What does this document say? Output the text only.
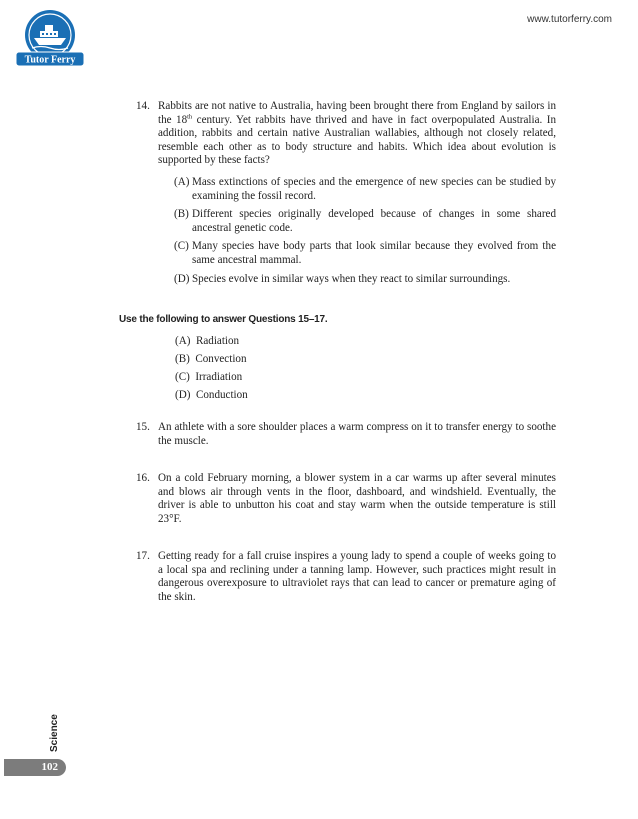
Tutor Ferry
www.tutorferry.com
14. Rabbits are not native to Australia, having been brought there from England by sailors in the 18th century. Yet rabbits have thrived and have in fact overpopulated Australia. In addition, rabbits and certain native Australian wallabies, although not closely related, resemble each other as to body structure and habits. Which idea about evolution is supported by these facts?
(A) Mass extinctions of species and the emergence of new species can be studied by examining the fossil record.
(B) Different species originally developed because of changes in some shared ancestral genetic code.
(C) Many species have body parts that look similar because they evolved from the same ancestral mammal.
(D) Species evolve in similar ways when they react to similar surroundings.
Use the following to answer Questions 15–17.
(A) Radiation
(B) Convection
(C) Irradiation
(D) Conduction
15. An athlete with a sore shoulder places a warm compress on it to transfer energy to soothe the muscle.
16. On a cold February morning, a blower system in a car warms up after several minutes and blows air through vents in the floor, dashboard, and windshield. Eventually, the driver is able to unbutton his coat and stay warm when the outside temperature is still 23°F.
17. Getting ready for a fall cruise inspires a young lady to spend a couple of weeks going to a local spa and reclining under a tanning lamp. However, such practices might result in dangerous overexposure to ultraviolet rays that can lead to cancer or premature aging of the skin.
Science
102
